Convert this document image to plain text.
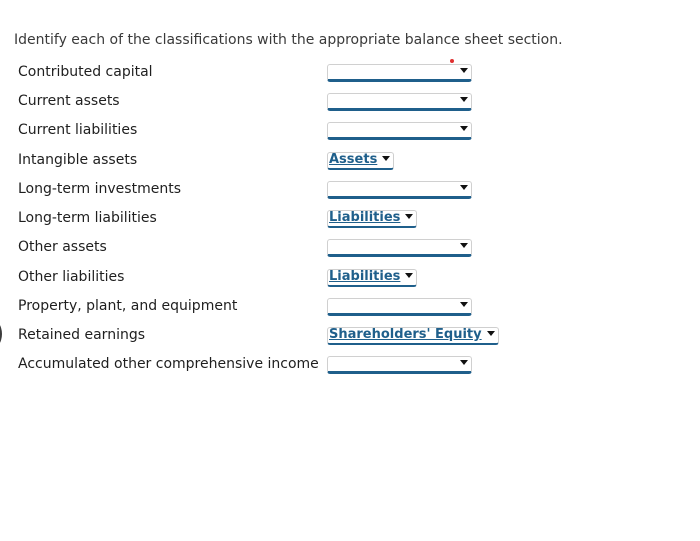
Identify each of the classifications with the appropriate balance sheet section.
Contributed capital
Current assets
Current liabilities
Intangible assets	Assets
Long-term investments
Long-term liabilities	Liabilities
Other assets
Other liabilities	Liabilities
Property, plant, and equipment
Retained earnings	Shareholders' Equity
Accumulated other comprehensive income
